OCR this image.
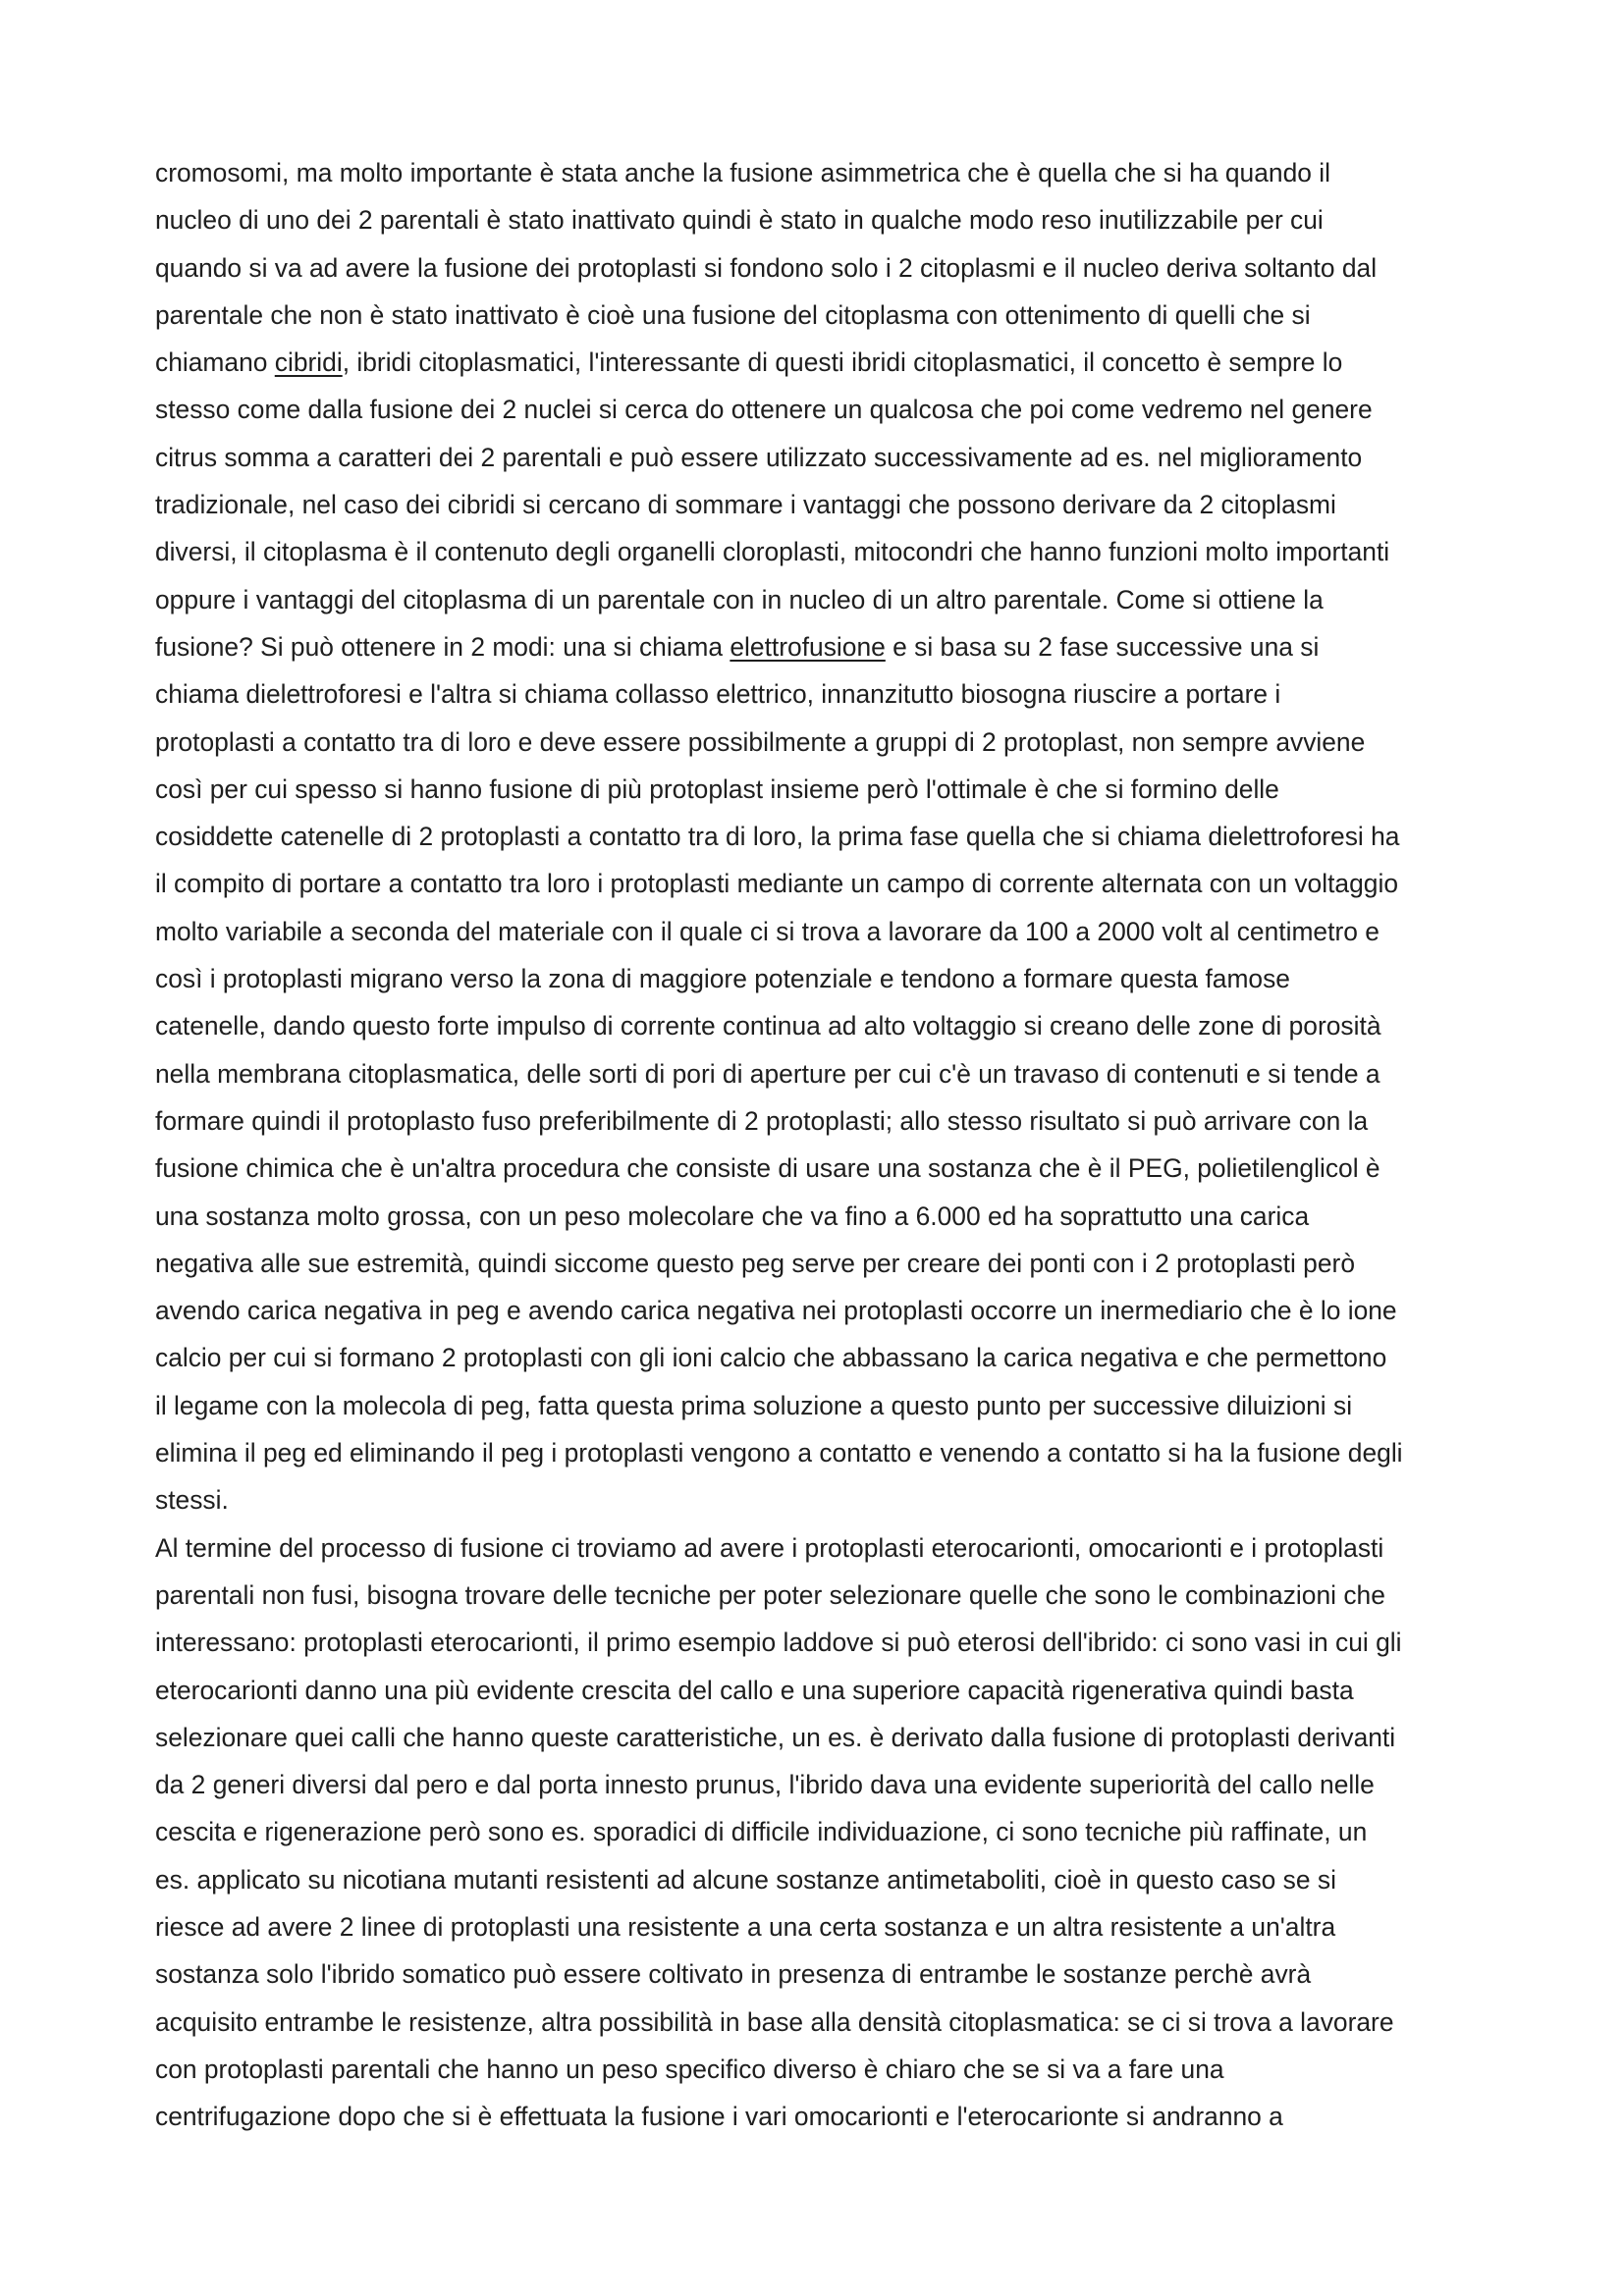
cromosomi, ma molto importante è stata anche la fusione asimmetrica che è quella che si ha quando il
nucleo di uno dei 2 parentali è stato inattivato quindi è stato in qualche modo reso inutilizzabile per cui
quando si va ad avere la fusione dei protoplasti si fondono solo i 2 citoplasmi e il nucleo deriva soltanto dal
parentale che non è stato inattivato è cioè una fusione del citoplasma con ottenimento di quelli che si
chiamano cibridi, ibridi citoplasmatici, l'interessante di questi ibridi citoplasmatici, il concetto è sempre lo
stesso come dalla fusione dei 2 nuclei si cerca do ottenere un qualcosa che poi come vedremo nel genere
citrus somma a caratteri dei 2 parentali e può essere utilizzato successivamente ad es. nel miglioramento
tradizionale, nel caso dei cibridi si cercano di sommare i vantaggi che possono derivare da 2 citoplasmi
diversi, il citoplasma è il contenuto degli organelli cloroplasti, mitocondri che hanno funzioni molto importanti
oppure i vantaggi del citoplasma di un parentale con in nucleo di un altro parentale. Come si ottiene la
fusione? Si può ottenere in 2 modi: una si chiama elettrofusione e si basa su 2 fase successive una si
chiama dielettroforesi e l'altra si chiama collasso elettrico, innanzitutto biosogna riuscire a portare i
protoplasti a contatto tra di loro e deve essere possibilmente a gruppi di 2 protoplast, non sempre avviene
così per cui spesso si hanno fusione di più protoplast insieme però l'ottimale è che si formino delle
cosiddette catenelle di 2 protoplasti a contatto tra di loro, la prima fase quella che si chiama dielettroforesi ha
il compito di portare a contatto tra loro i protoplasti mediante un campo di corrente alternata con un voltaggio
molto variabile a seconda del materiale con il quale ci si trova a lavorare da 100 a 2000 volt al centimetro e
così i protoplasti migrano verso la zona di maggiore potenziale e tendono a formare questa famose
catenelle, dando questo forte impulso di corrente continua ad alto voltaggio si creano delle zone di porosità
nella membrana citoplasmatica, delle sorti di pori di aperture per cui c'è un travaso di contenuti e si tende a
formare quindi il protoplasto fuso preferibilmente di 2 protoplasti; allo stesso risultato si può arrivare con la
fusione chimica che è un'altra procedura che consiste di usare una sostanza che è il PEG, polietilenglicol è
una sostanza molto grossa, con un peso molecolare che va fino a 6.000 ed ha soprattutto una carica
negativa alle sue estremità, quindi siccome questo peg serve per creare dei ponti con i 2 protoplasti però
avendo carica negativa in peg e avendo carica negativa nei protoplasti occorre un inermediario che è lo ione
calcio per cui si formano 2 protoplasti con gli ioni calcio che abbassano la carica negativa e che permettono
il legame con la molecola di peg, fatta questa prima soluzione a questo punto per successive diluizioni si
elimina il peg ed eliminando il peg i protoplasti vengono a contatto e venendo a contatto si ha la fusione degli
stessi.
Al termine del processo di fusione ci troviamo ad avere i protoplasti eterocarionti, omocarionti e i protoplasti
parentali non fusi, bisogna trovare delle tecniche per poter selezionare quelle che sono le combinazioni che
interessano: protoplasti eterocarionti, il primo esempio laddove si può eterosi dell'ibrido: ci sono vasi in cui gli
eterocarionti danno una più evidente crescita del callo e una superiore capacità rigenerativa quindi basta
selezionare quei calli che hanno queste caratteristiche, un es. è derivato dalla fusione di protoplasti derivanti
da 2 generi diversi dal pero e dal porta innesto prunus, l'ibrido dava una evidente superiorità del callo nelle
cescita e rigenerazione però sono es. sporadici di difficile individuazione, ci sono tecniche più raffinate, un
es. applicato su nicotiana mutanti resistenti ad alcune sostanze antimetaboliti, cioè in questo caso se si
riesce ad avere 2 linee di protoplasti una resistente a una certa sostanza e un altra resistente a un'altra
sostanza solo l'ibrido somatico può essere coltivato in presenza di entrambe le sostanze perchè avrà
acquisito entrambe le resistenze, altra possibilità in base alla densità citoplasmatica: se ci si trova a lavorare
con protoplasti parentali che hanno un peso specifico diverso è chiaro che se si va a fare una
centrifugazione dopo che si è effettuata la fusione i vari omocarionti e l'eterocarionte si andranno a
